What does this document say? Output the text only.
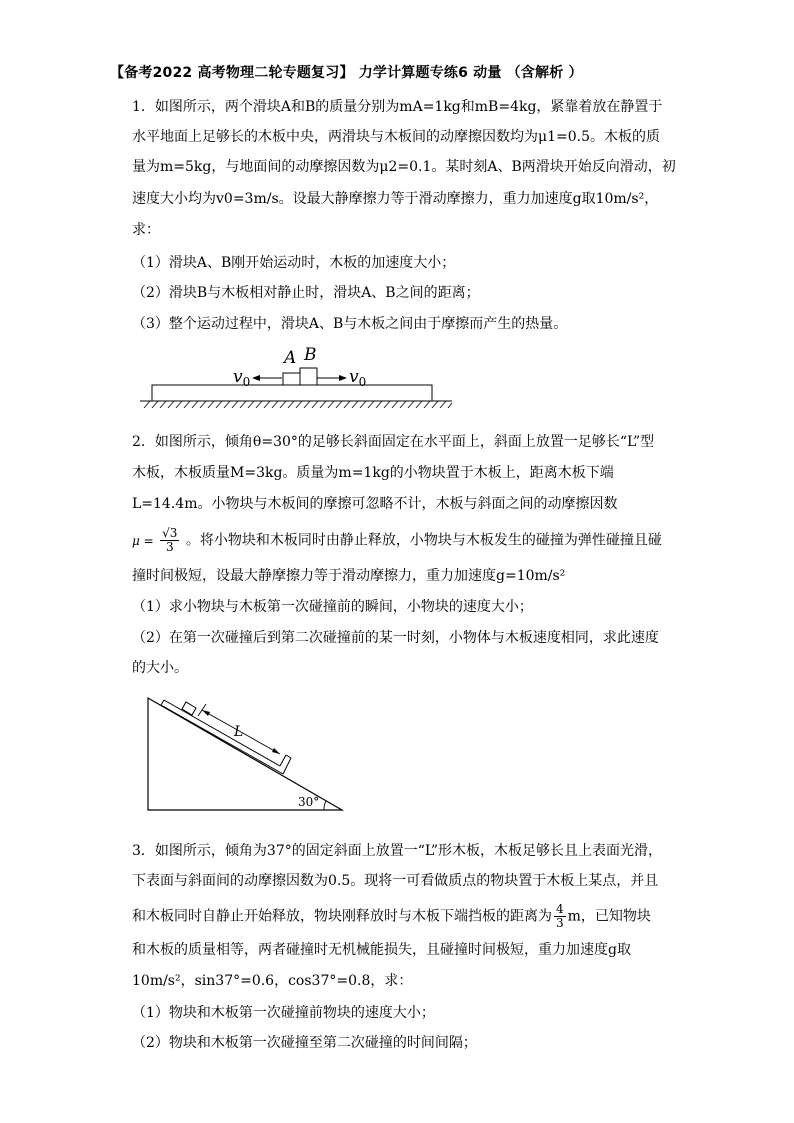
【备考2022 高考物理二轮专题复习】 力学计算题专练6 动量 （含解析 ）
1．如图所示，两个滑块A和B的质量分别为mA=1kg和mB=4kg，紧靠着放在静置于
水平地面上足够长的木板中央，两滑块与木板间的动摩擦因数均为μ1=0.5。木板的质
量为m=5kg，与地面间的动摩擦因数为μ2=0.1。某时刻A、B两滑块开始反向滑动，初
速度大小均为v0=3m/s。设最大静摩擦力等于滑动摩擦力，重力加速度g取10m/s²，
求：
（1）滑块A、B刚开始运动时，木板的加速度大小；
（2）滑块B与木板相对静止时，滑块A、B之间的距离；
（3）整个运动过程中，滑块A、B与木板之间由于摩擦而产生的热量。
A B
$v_0$	$v_0$
2．如图所示，倾角θ=30°的足够长斜面固定在水平面上，斜面上放置一足够长“L”型
木板，木板质量M=3kg。质量为m=1kg的小物块置于木板上，距离木板下端
L=14.4m。小物块与木板间的摩擦可忽略不计，木板与斜面之间的动摩擦因数
$\mu = \frac{√3}{3}$ 。将小物块和木板同时由静止释放，小物块与木板发生的碰撞为弹性碰撞且碰
撞时间极短，设最大静摩擦力等于滑动摩擦力，重力加速度g=10m/s²
（1）求小物块与木板第一次碰撞前的瞬间，小物块的速度大小；
（2）在第一次碰撞后到第二次碰撞前的某一时刻，小物体与木板速度相同，求此速度
的大小。
L
30°
3．如图所示，倾角为37°的固定斜面上放置一“L”形木板，木板足够长且上表面光滑，
下表面与斜面间的动摩擦因数为0.5。现将一可看做质点的物块置于木板上某点，并且
和木板同时自静止开始释放，物块刚释放时与木板下端挡板的距离为 $\frac{4}{3}$ m，已知物块
和木板的质量相等，两者碰撞时无机械能损失，且碰撞时间极短，重力加速度g取
10m/s²，sin37°=0.6，cos37°=0.8，求：
（1）物块和木板第一次碰撞前物块的速度大小；
（2）物块和木板第一次碰撞至第二次碰撞的时间间隔；
